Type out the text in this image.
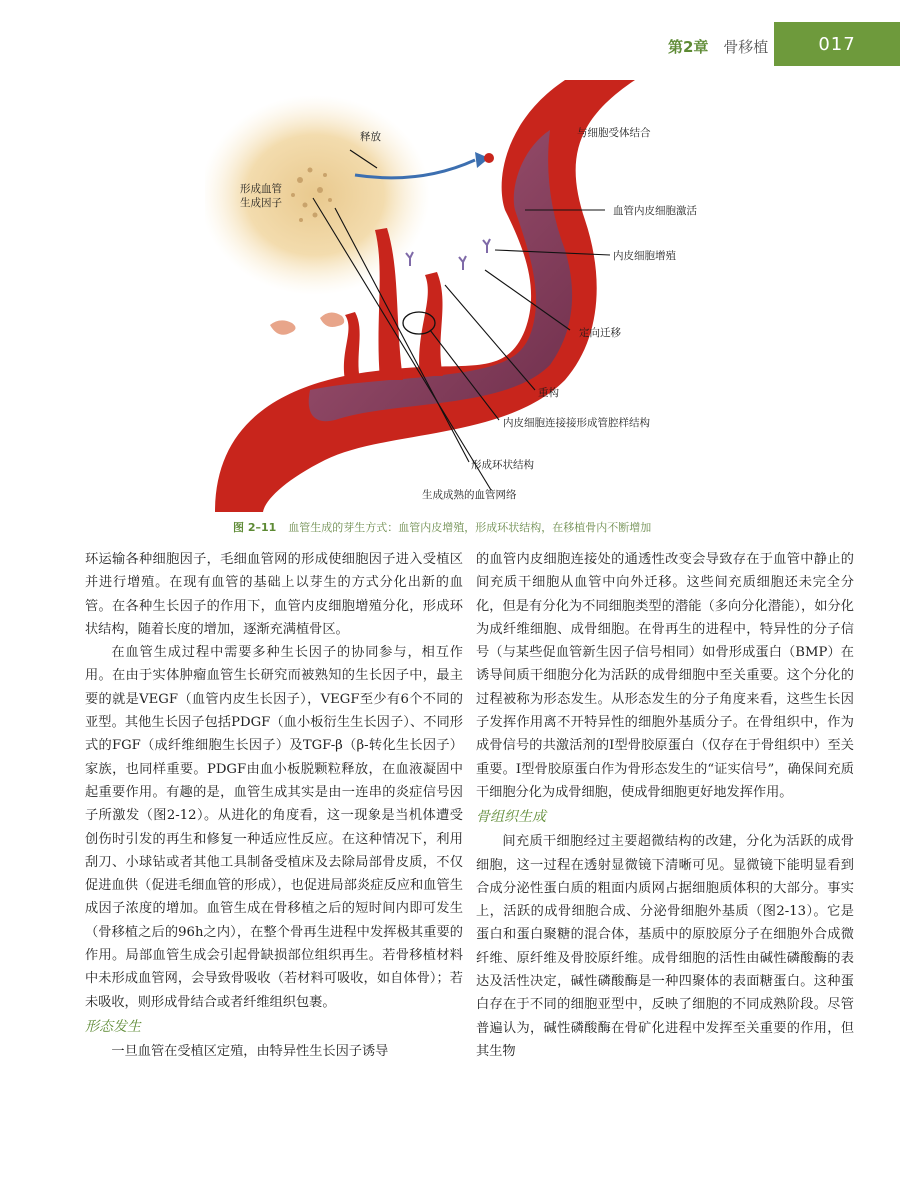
第2章 骨移植	017
释放
形成血管
生成因子
与细胞受体结合
血管内皮细胞激活
内皮细胞增殖
定向迁移
重构
内皮细胞连接接形成管腔样结构
形成环状结构
生成成熟的血管网络
图 2–11 血管生成的芽生方式：血管内皮增殖，形成环状结构，在移植骨内不断增加

环运输各种细胞因子，毛细血管网的形成使细胞因子进入受植区并进行增殖。在现有血管的基础上以芽生的方式分化出新的血管。在各种生长因子的作用下，血管内皮细胞增殖分化，形成环状结构，随着长度的增加，逐渐充满植骨区。

在血管生成过程中需要多种生长因子的协同参与，相互作用。在由于实体肿瘤血管生长研究而被熟知的生长因子中，最主要的就是VEGF（血管内皮生长因子），VEGF至少有6个不同的亚型。其他生长因子包括PDGF（血小板衍生生长因子）、不同形式的FGF（成纤维细胞生长因子）及TGF-β（β-转化生长因子）家族，也同样重要。PDGF由血小板脱颗粒释放，在血液凝固中起重要作用。有趣的是，血管生成其实是由一连串的炎症信号因子所激发（图2-12）。从进化的角度看，这一现象是当机体遭受创伤时引发的再生和修复一种适应性反应。在这种情况下，利用刮刀、小球钻或者其他工具制备受植床及去除局部骨皮质，不仅促进血供（促进毛细血管的形成），也促进局部炎症反应和血管生成因子浓度的增加。血管生成在骨移植之后的短时间内即可发生（骨移植之后的96h之内），在整个骨再生进程中发挥极其重要的作用。局部血管生成会引起骨缺损部位组织再生。若骨移植材料中未形成血管网，会导致骨吸收（若材料可吸收，如自体骨）；若未吸收，则形成骨结合或者纤维组织包裹。

形态发生

一旦血管在受植区定殖，由特异性生长因子诱导

的血管内皮细胞连接处的通透性改变会导致存在于血管中静止的间充质干细胞从血管中向外迁移。这些间充质细胞还未完全分化，但是有分化为不同细胞类型的潜能（多向分化潜能），如分化为成纤维细胞、成骨细胞。在骨再生的进程中，特异性的分子信号（与某些促血管新生因子信号相同）如骨形成蛋白（BMP）在诱导间质干细胞分化为活跃的成骨细胞中至关重要。这个分化的过程被称为形态发生。从形态发生的分子角度来看，这些生长因子发挥作用离不开特异性的细胞外基质分子。在骨组织中，作为成骨信号的共激活剂的Ⅰ型骨胶原蛋白（仅存在于骨组织中）至关重要。Ⅰ型骨胶原蛋白作为骨形态发生的“证实信号”，确保间充质干细胞分化为成骨细胞，使成骨细胞更好地发挥作用。

骨组织生成

间充质干细胞经过主要超微结构的改建，分化为活跃的成骨细胞，这一过程在透射显微镜下清晰可见。显微镜下能明显看到合成分泌性蛋白质的粗面内质网占据细胞质体积的大部分。事实上，活跃的成骨细胞合成、分泌骨细胞外基质（图2-13）。它是蛋白和蛋白聚糖的混合体，基质中的原胶原分子在细胞外合成微纤维、原纤维及骨胶原纤维。成骨细胞的活性由碱性磷酸酶的表达及活性决定，碱性磷酸酶是一种四聚体的表面糖蛋白。这种蛋白存在于不同的细胞亚型中，反映了细胞的不同成熟阶段。尽管普遍认为，碱性磷酸酶在骨矿化进程中发挥至关重要的作用，但其生物
